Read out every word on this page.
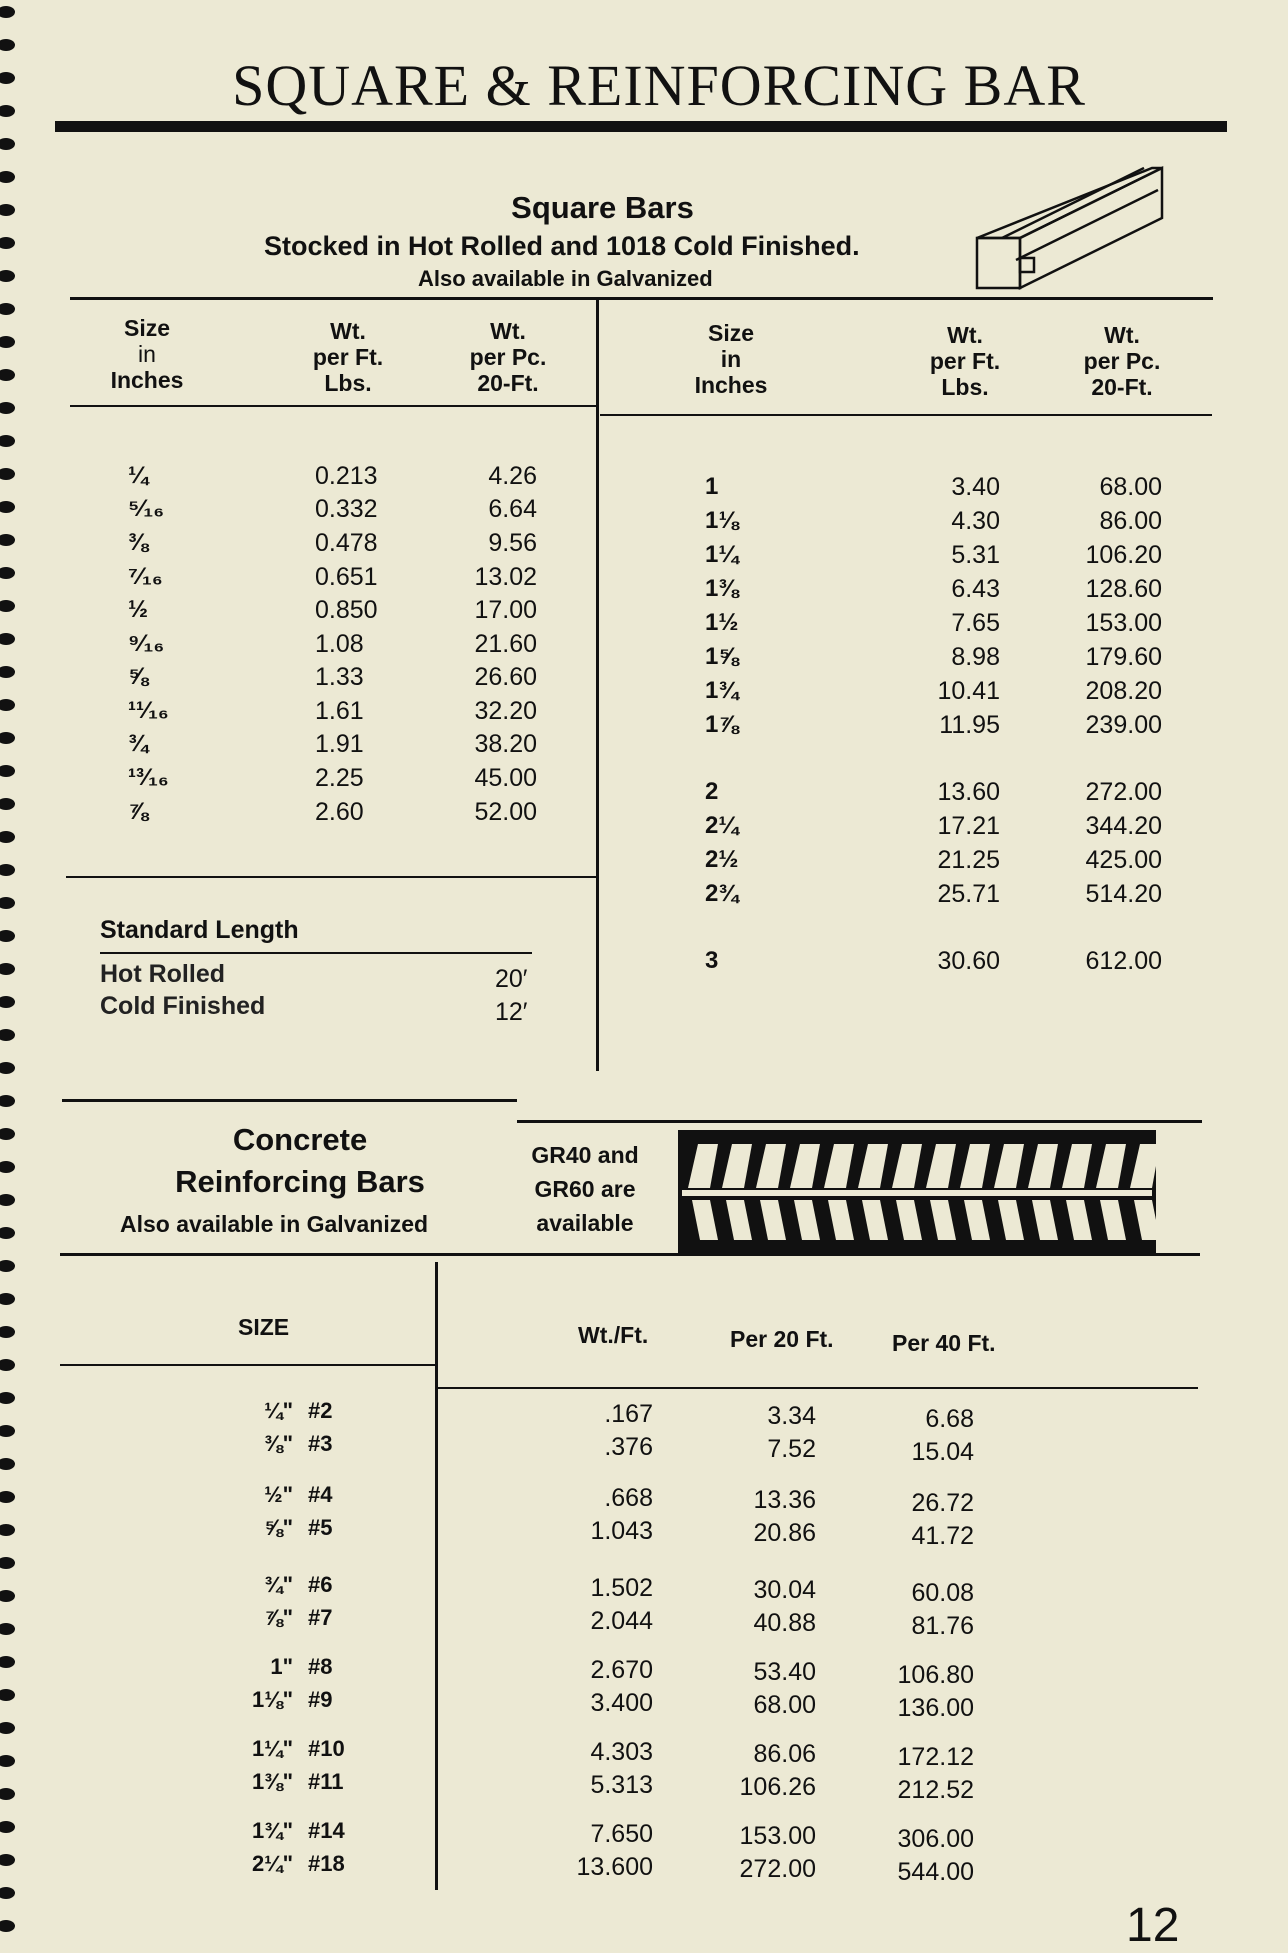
SQUARE & REINFORCING BAR
Square Bars
Stocked in Hot Rolled and 1018 Cold Finished.
Also available in Galvanized
Size
in
Inches
Wt.
per Ft.
Lbs.
Wt.
per Pc.
20-Ft.
Size
in
Inches
Wt.
per Ft.
Lbs.
Wt.
per Pc.
20-Ft.
¼	0.213	4.26
⁵⁄₁₆	0.332	6.64
⅜	0.478	9.56
⁷⁄₁₆	0.651	13.02
½	0.850	17.00
⁹⁄₁₆	1.08	21.60
⅝	1.33	26.60
¹¹⁄₁₆	1.61	32.20
¾	1.91	38.20
¹³⁄₁₆	2.25	45.00
⅞	2.60	52.00
1	3.40	68.00
1⅛	4.30	86.00
1¼	5.31	106.20
1⅜	6.43	128.60
1½	7.65	153.00
1⅝	8.98	179.60
1¾	10.41	208.20
1⅞	11.95	239.00
2	13.60	272.00
2¼	17.21	344.20
2½	21.25	425.00
2¾	25.71	514.20
3	30.60	612.00
Standard Length
Hot Rolled	20′
Cold Finished	12′
Concrete
Reinforcing Bars
Also available in Galvanized
GR40 and
GR60 are
available
SIZE	Wt./Ft.	Per 20 Ft.	Per 40 Ft.
¼" #2	.167	3.34	6.68
⅜" #3	.376	7.52	15.04
½" #4	.668	13.36	26.72
⅝" #5	1.043	20.86	41.72
¾" #6	1.502	30.04	60.08
⅞" #7	2.044	40.88	81.76
1" #8	2.670	53.40	106.80
1⅛" #9	3.400	68.00	136.00
1¼" #10	4.303	86.06	172.12
1⅜" #11	5.313	106.26	212.52
1¾" #14	7.650	153.00	306.00
2¼" #18	13.600	272.00	544.00
12
